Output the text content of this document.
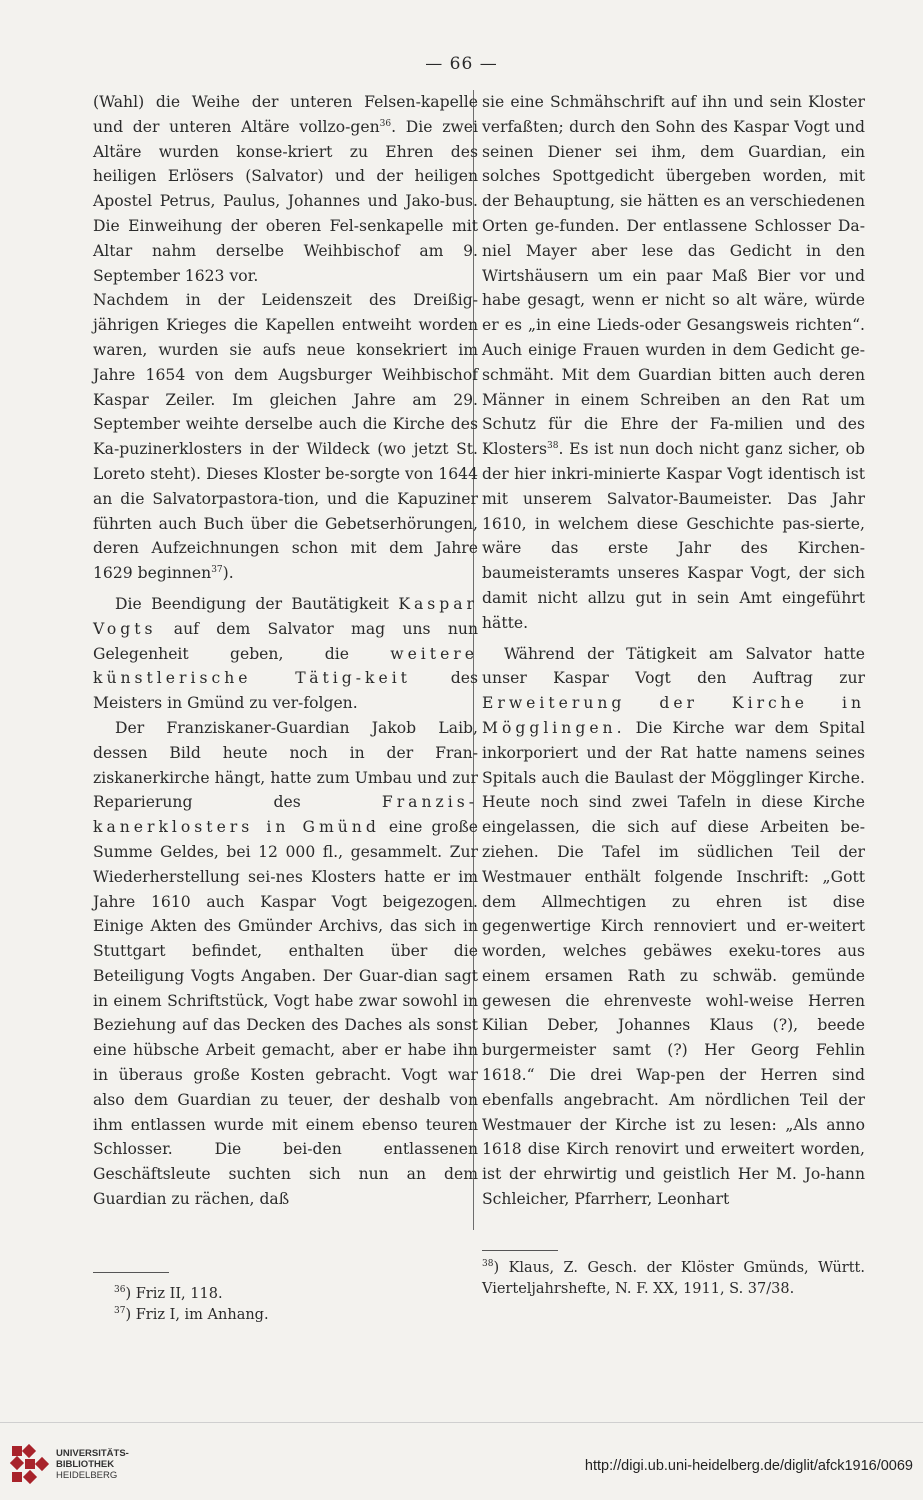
— 66 —

(Wahl) die Weihe der unteren Felsen-kapelle und der unteren Altäre vollzo-gen$^{36}$. Die zwei Altäre wurden konse-kriert zu Ehren des heiligen Erlösers (Salvator) und der heiligen Apostel Petrus, Paulus, Johannes und Jako-bus. Die Einweihung der oberen Fel-senkapelle mit Altar nahm derselbe Weihbischof am 9. September 1623 vor.
Nachdem in der Leidenszeit des Dreißig-jährigen Krieges die Kapellen entweiht worden waren, wurden sie aufs neue konsekriert im Jahre 1654 von dem Augsburger Weihbischof Kaspar Zeiler. Im gleichen Jahre am 29. September weihte derselbe auch die Kirche des Ka-puzinerklosters in der Wildeck (wo jetzt St. Loreto steht). Dieses Kloster be-sorgte von 1644 an die Salvatorpastora-tion, und die Kapuziner führten auch Buch über die Gebetserhörungen, deren Aufzeichnungen schon mit dem Jahre 1629 beginnen$^{37}$).

Die Beendigung der Bautätigkeit Kaspar Vogts auf dem Salvator mag uns nun Gelegenheit geben, die	weitere künstlerische Tätig-keit	des Meisters in Gmünd zu ver-folgen.

Der Franziskaner-Guardian Jakob Laib, dessen Bild heute noch in der Fran-ziskanerkirche hängt, hatte zum Umbau und zur Reparierung des	Franzis-kanerklosters in Gmünd eine große Summe Geldes, bei 12 000 fl., gesammelt. Zur Wiederherstellung sei-nes Klosters hatte er im Jahre 1610 auch Kaspar Vogt beigezogen. Einige Akten des Gmünder Archivs, das sich in Stuttgart befindet, enthalten über die Beteiligung Vogts Angaben. Der Guar-dian sagt in einem Schriftstück, Vogt habe zwar sowohl in Beziehung auf das Decken des Daches als sonst eine hübsche Arbeit gemacht, aber er habe ihn in überaus große Kosten gebracht. Vogt war also dem Guardian zu teuer, der deshalb von ihm entlassen wurde mit einem ebenso teuren Schlosser. Die bei-den entlassenen Geschäftsleute suchten sich nun an dem Guardian zu rächen, daß

sie eine Schmähschrift auf ihn und sein Kloster verfaßten; durch den Sohn des Kaspar Vogt und seinen Diener sei ihm, dem Guardian, ein solches Spottgedicht übergeben worden, mit der Behauptung, sie hätten es an verschiedenen Orten ge-funden. Der entlassene Schlosser Da-niel Mayer aber lese das Gedicht in den Wirtshäusern um ein paar Maß Bier vor und habe gesagt, wenn er nicht so alt wäre, würde er es „in eine Lieds-oder Gesangsweis richten“. Auch einige Frauen wurden in dem Gedicht ge-schmäht. Mit dem Guardian bitten auch deren Männer in einem Schreiben an den Rat um Schutz für die Ehre der Fa-milien und des Klosters$^{38}$. Es ist nun doch nicht ganz sicher, ob der hier inkri-minierte Kaspar Vogt identisch ist mit unserem Salvator-Baumeister. Das Jahr 1610, in welchem diese Geschichte pas-sierte, wäre das erste Jahr des Kirchen-baumeisteramts unseres Kaspar Vogt, der sich damit nicht allzu gut in sein Amt eingeführt hätte.

Während der Tätigkeit am Salvator hatte unser Kaspar Vogt den Auftrag zur Erweiterung der Kirche in Mögglingen. Die Kirche war dem Spital inkorporiert und der Rat hatte namens seines Spitals auch die Baulast der Mögglinger Kirche. Heute noch sind zwei Tafeln in diese Kirche eingelassen, die sich auf diese Arbeiten be-ziehen. Die Tafel im südlichen Teil der Westmauer enthält folgende Inschrift: „Gott dem Allmechtigen zu ehren ist dise gegenwertige Kirch rennoviert und er-weitert worden, welches gebäwes exeku-tores aus einem ersamen Rath zu schwäb. gemünde gewesen die ehrenveste wohl-weise Herren Kilian Deber, Johannes Klaus (?), beede burgermeister samt (?) Her Georg Fehlin 1618.“ Die drei Wap-pen der Herren sind ebenfalls angebracht. Am nördlichen Teil der Westmauer der Kirche ist zu lesen: „Als anno 1618 dise Kirch renovirt und erweitert worden, ist der ehrwirtig und geistlich Her M. Jo-hann Schleicher, Pfarrherr, Leonhart

$^{36}$) Friz II, 118.

$^{37}$) Friz I, im Anhang.

$^{38}$) Klaus, Z. Gesch. der Klöster Gmünds, Württ. Vierteljahrshefte, N. F. XX, 1911, S. 37/38.

UNIVERSITÄTS-
BIBLIOTHEK
HEIDELBERG
http://digi.ub.uni-heidelberg.de/diglit/afck1916/0069
